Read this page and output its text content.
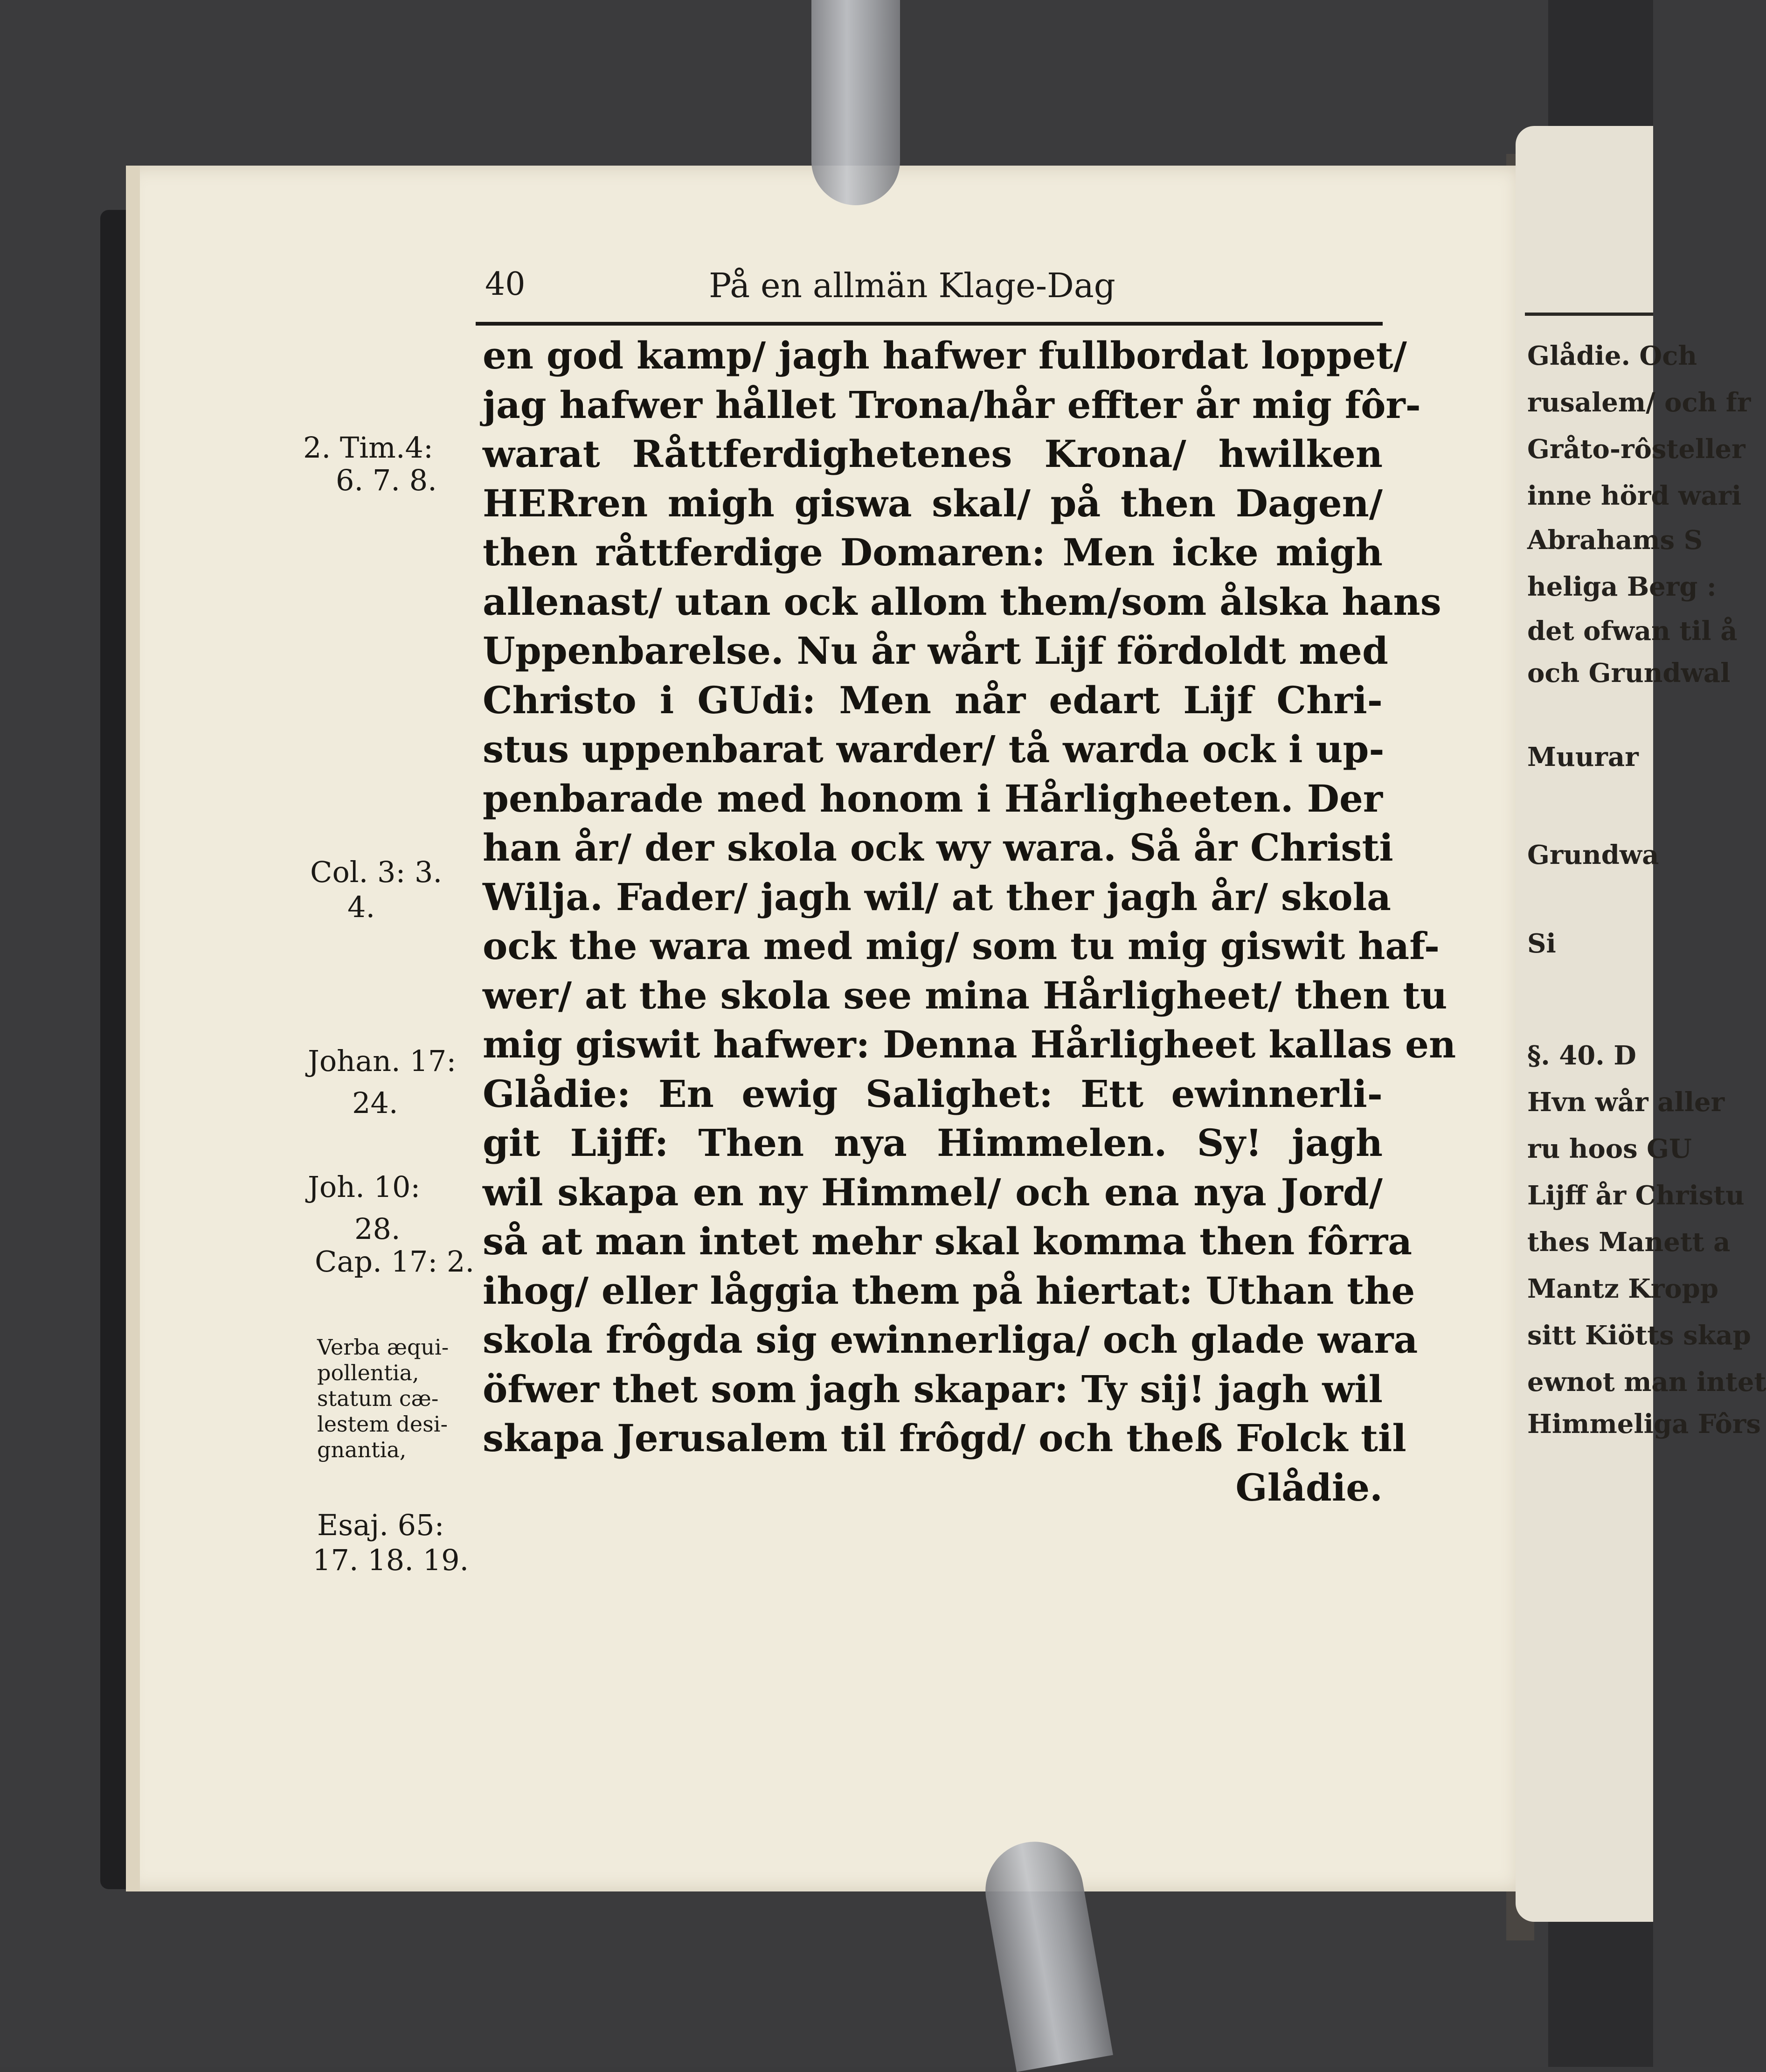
Glådie. Och
rusalem/ och fr
Gråto-rôsteller
inne hörd wari
Abrahams S
heliga Berg :
det ofwan til å
och Grundwal
Muurar
Grundwa
Si
§. 40. D
Hvn wår aller
ru hoos GU
Lijff år Christu
thes Manett a
Mantz Kropp
sitt Kiötts skap
ewnot man intet
Himmeliga Fôrs
40	På en allmän Klage-Dag
en god kamp/ jagh hafwer fullbordat loppet/
jag hafwer hållet Trona/hår effter år mig fôr-
warat Råttferdighetenes Krona/ hwilken
HERren migh giswa skal/ på then Dagen/
then råttferdige Domaren: Men icke migh
allenast/ utan ock allom them/som ålska hans
Uppenbarelse. Nu år wårt Lijf fördoldt med
Christo i GUdi: Men når edart Lijf Chri-
stus uppenbarat warder/ tå warda ock i up-
penbarade med honom i Hårligheeten. Der
han år/ der skola ock wy wara. Så år Christi
Wilja. Fader/ jagh wil/ at ther jagh år/ skola
ock the wara med mig/ som tu mig giswit haf-
wer/ at the skola see mina Hårligheet/ then tu
mig giswit hafwer: Denna Hårligheet kallas en
Glådie: En ewig Salighet: Ett ewinnerli-
git Lijff: Then nya Himmelen. Sy! jagh
wil skapa en ny Himmel/ och ena nya Jord/
så at man intet mehr skal komma then fôrra
ihog/ eller låggia them på hiertat: Uthan the
skola frôgda sig ewinnerliga/ och glade wara
öfwer thet som jagh skapar: Ty sij! jagh wil
skapa Jerusalem til frôgd/ och theß Folck til
Glådie.
2. Tim.4:
6. 7. 8.
Col. 3: 3.
4.
Johan. 17:
24.
Joh. 10:
28.
Cap. 17: 2.
Verba æqui-
pollentia,
statum cæ-
lestem desi-
gnantia,
Esaj. 65:
17. 18. 19.
